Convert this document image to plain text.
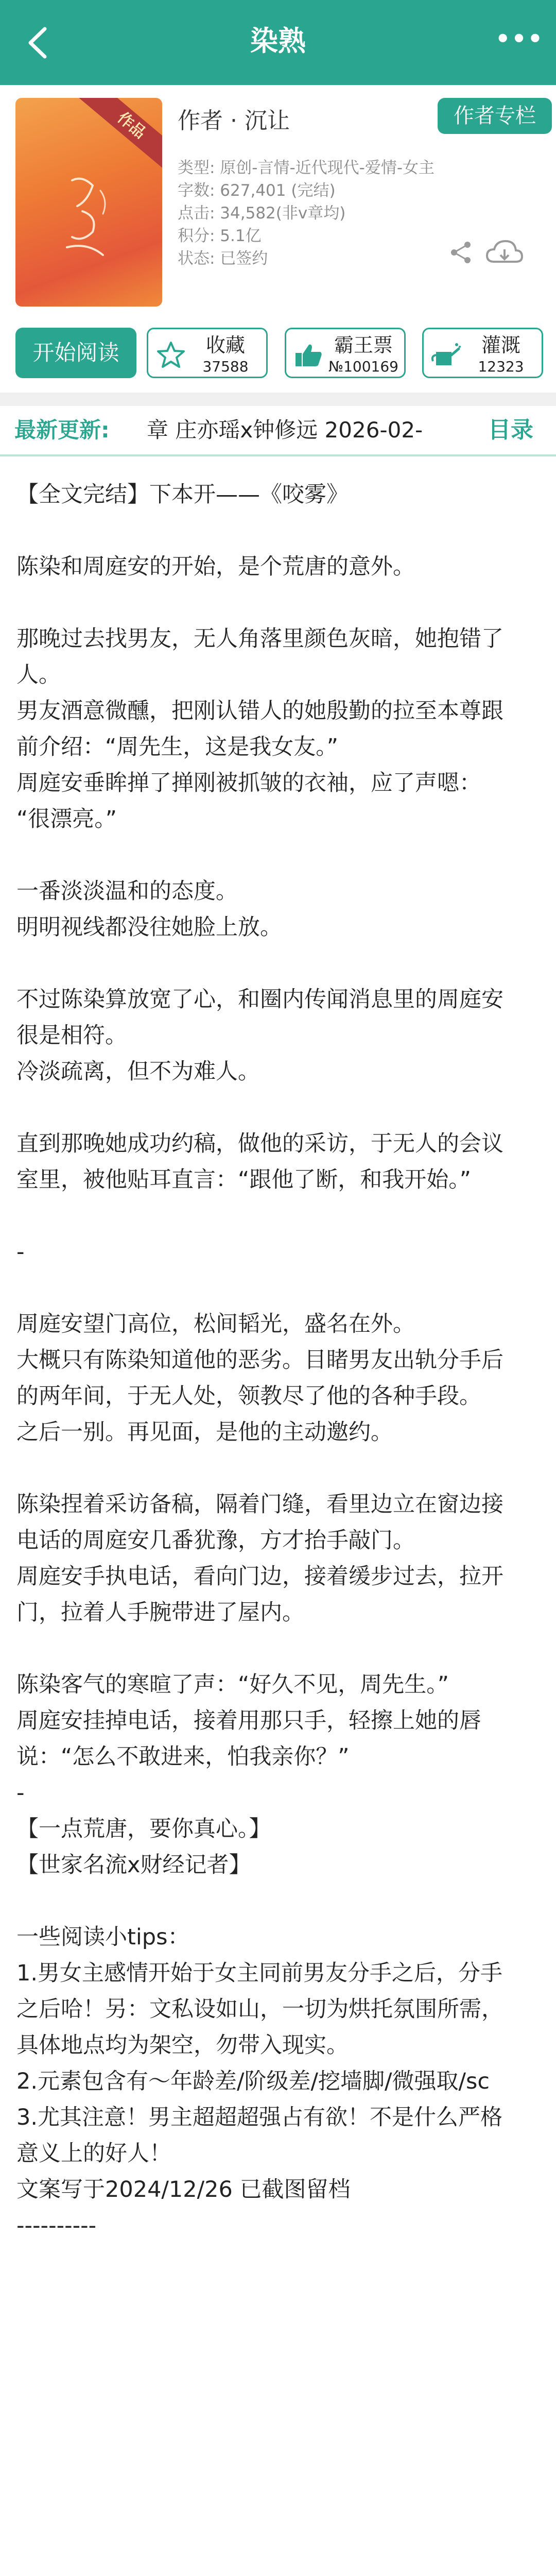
染熟	•••
作品	作者 · 沉让	作者专栏
类型: 原创-言情-近代现代-爱情-女主
字数: 627,401 (完结)
点击: 34,582(非v章均)
积分: 5.1亿
状态: 已签约
开始阅读	收藏
37588
霸王票
№100169
灌溉
12323
最新更新: 章 庄亦瑶x钟修远 2026-02-	目录

【全文完结】下本开——《咬雾》

陈染和周庭安的开始，是个荒唐的意外。

那晚过去找男友，无人角落里颜色灰暗，她抱错了

人。

男友酒意微醺，把刚认错人的她殷勤的拉至本尊跟

前介绍：“周先生，这是我女友。”

周庭安垂眸掸了掸刚被抓皱的衣袖，应了声嗯：

“很漂亮。”

一番淡淡温和的态度。

明明视线都没往她脸上放。

不过陈染算放宽了心，和圈内传闻消息里的周庭安

很是相符。

冷淡疏离，但不为难人。

直到那晚她成功约稿，做他的采访，于无人的会议

室里，被他贴耳直言：“跟他了断，和我开始。”

-

周庭安望门高位，松间韬光，盛名在外。

大概只有陈染知道他的恶劣。目睹男友出轨分手后

的两年间，于无人处，领教尽了他的各种手段。

之后一别。再见面，是他的主动邀约。

陈染捏着采访备稿，隔着门缝，看里边立在窗边接

电话的周庭安几番犹豫，方才抬手敲门。

周庭安手执电话，看向门边，接着缓步过去，拉开

门，拉着人手腕带进了屋内。

陈染客气的寒暄了声：“好久不见，周先生。”

周庭安挂掉电话，接着用那只手，轻擦上她的唇

说：“怎么不敢进来，怕我亲你？”

-

【一点荒唐，要你真心。】

【世家名流x财经记者】

一些阅读小tips：

1.男女主感情开始于女主同前男友分手之后，分手

之后哈！另：文私设如山，一切为烘托氛围所需，

具体地点均为架空，勿带入现实。

2.元素包含有～年龄差/阶级差/挖墙脚/微强取/sc

3.尤其注意！男主超超超强占有欲！不是什么严格

意义上的好人！

文案写于2024/12/26 已截图留档

----------
